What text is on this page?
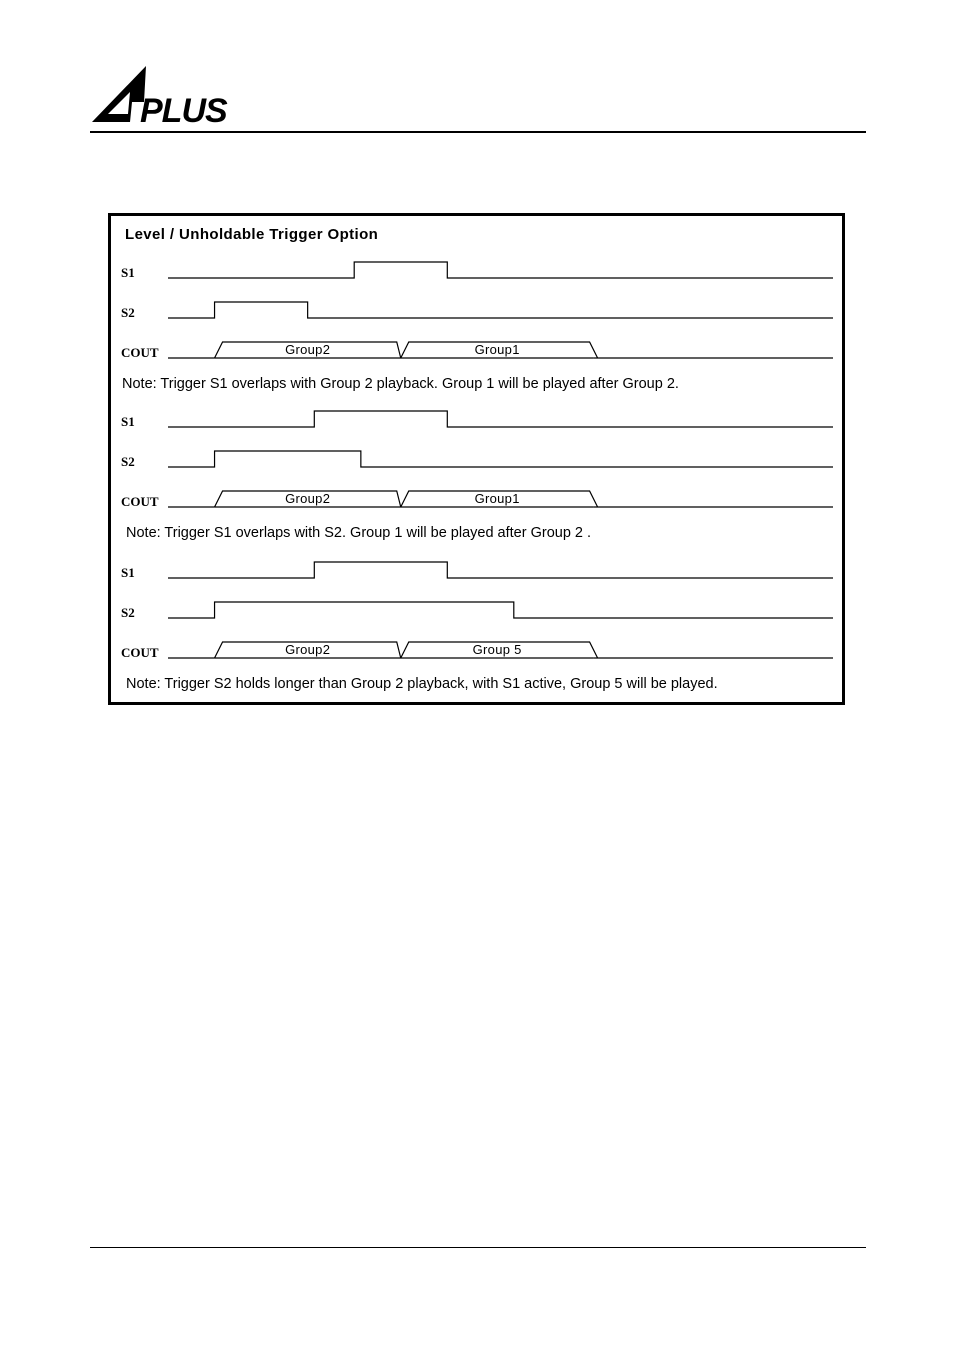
PLUS
Level / Unholdable Trigger Option
S1
S2
COUT	Group2	Group1
Note: Trigger S1 overlaps with Group 2 playback. Group 1 will be played after Group 2.
S1
S2
COUT	Group2	Group1
Note: Trigger S1 overlaps with S2. Group 1 will be played after Group 2 .
S1
S2
COUT	Group2	Group 5
Note: Trigger S2 holds longer than Group 2 playback, with S1 active, Group 5 will be played.
